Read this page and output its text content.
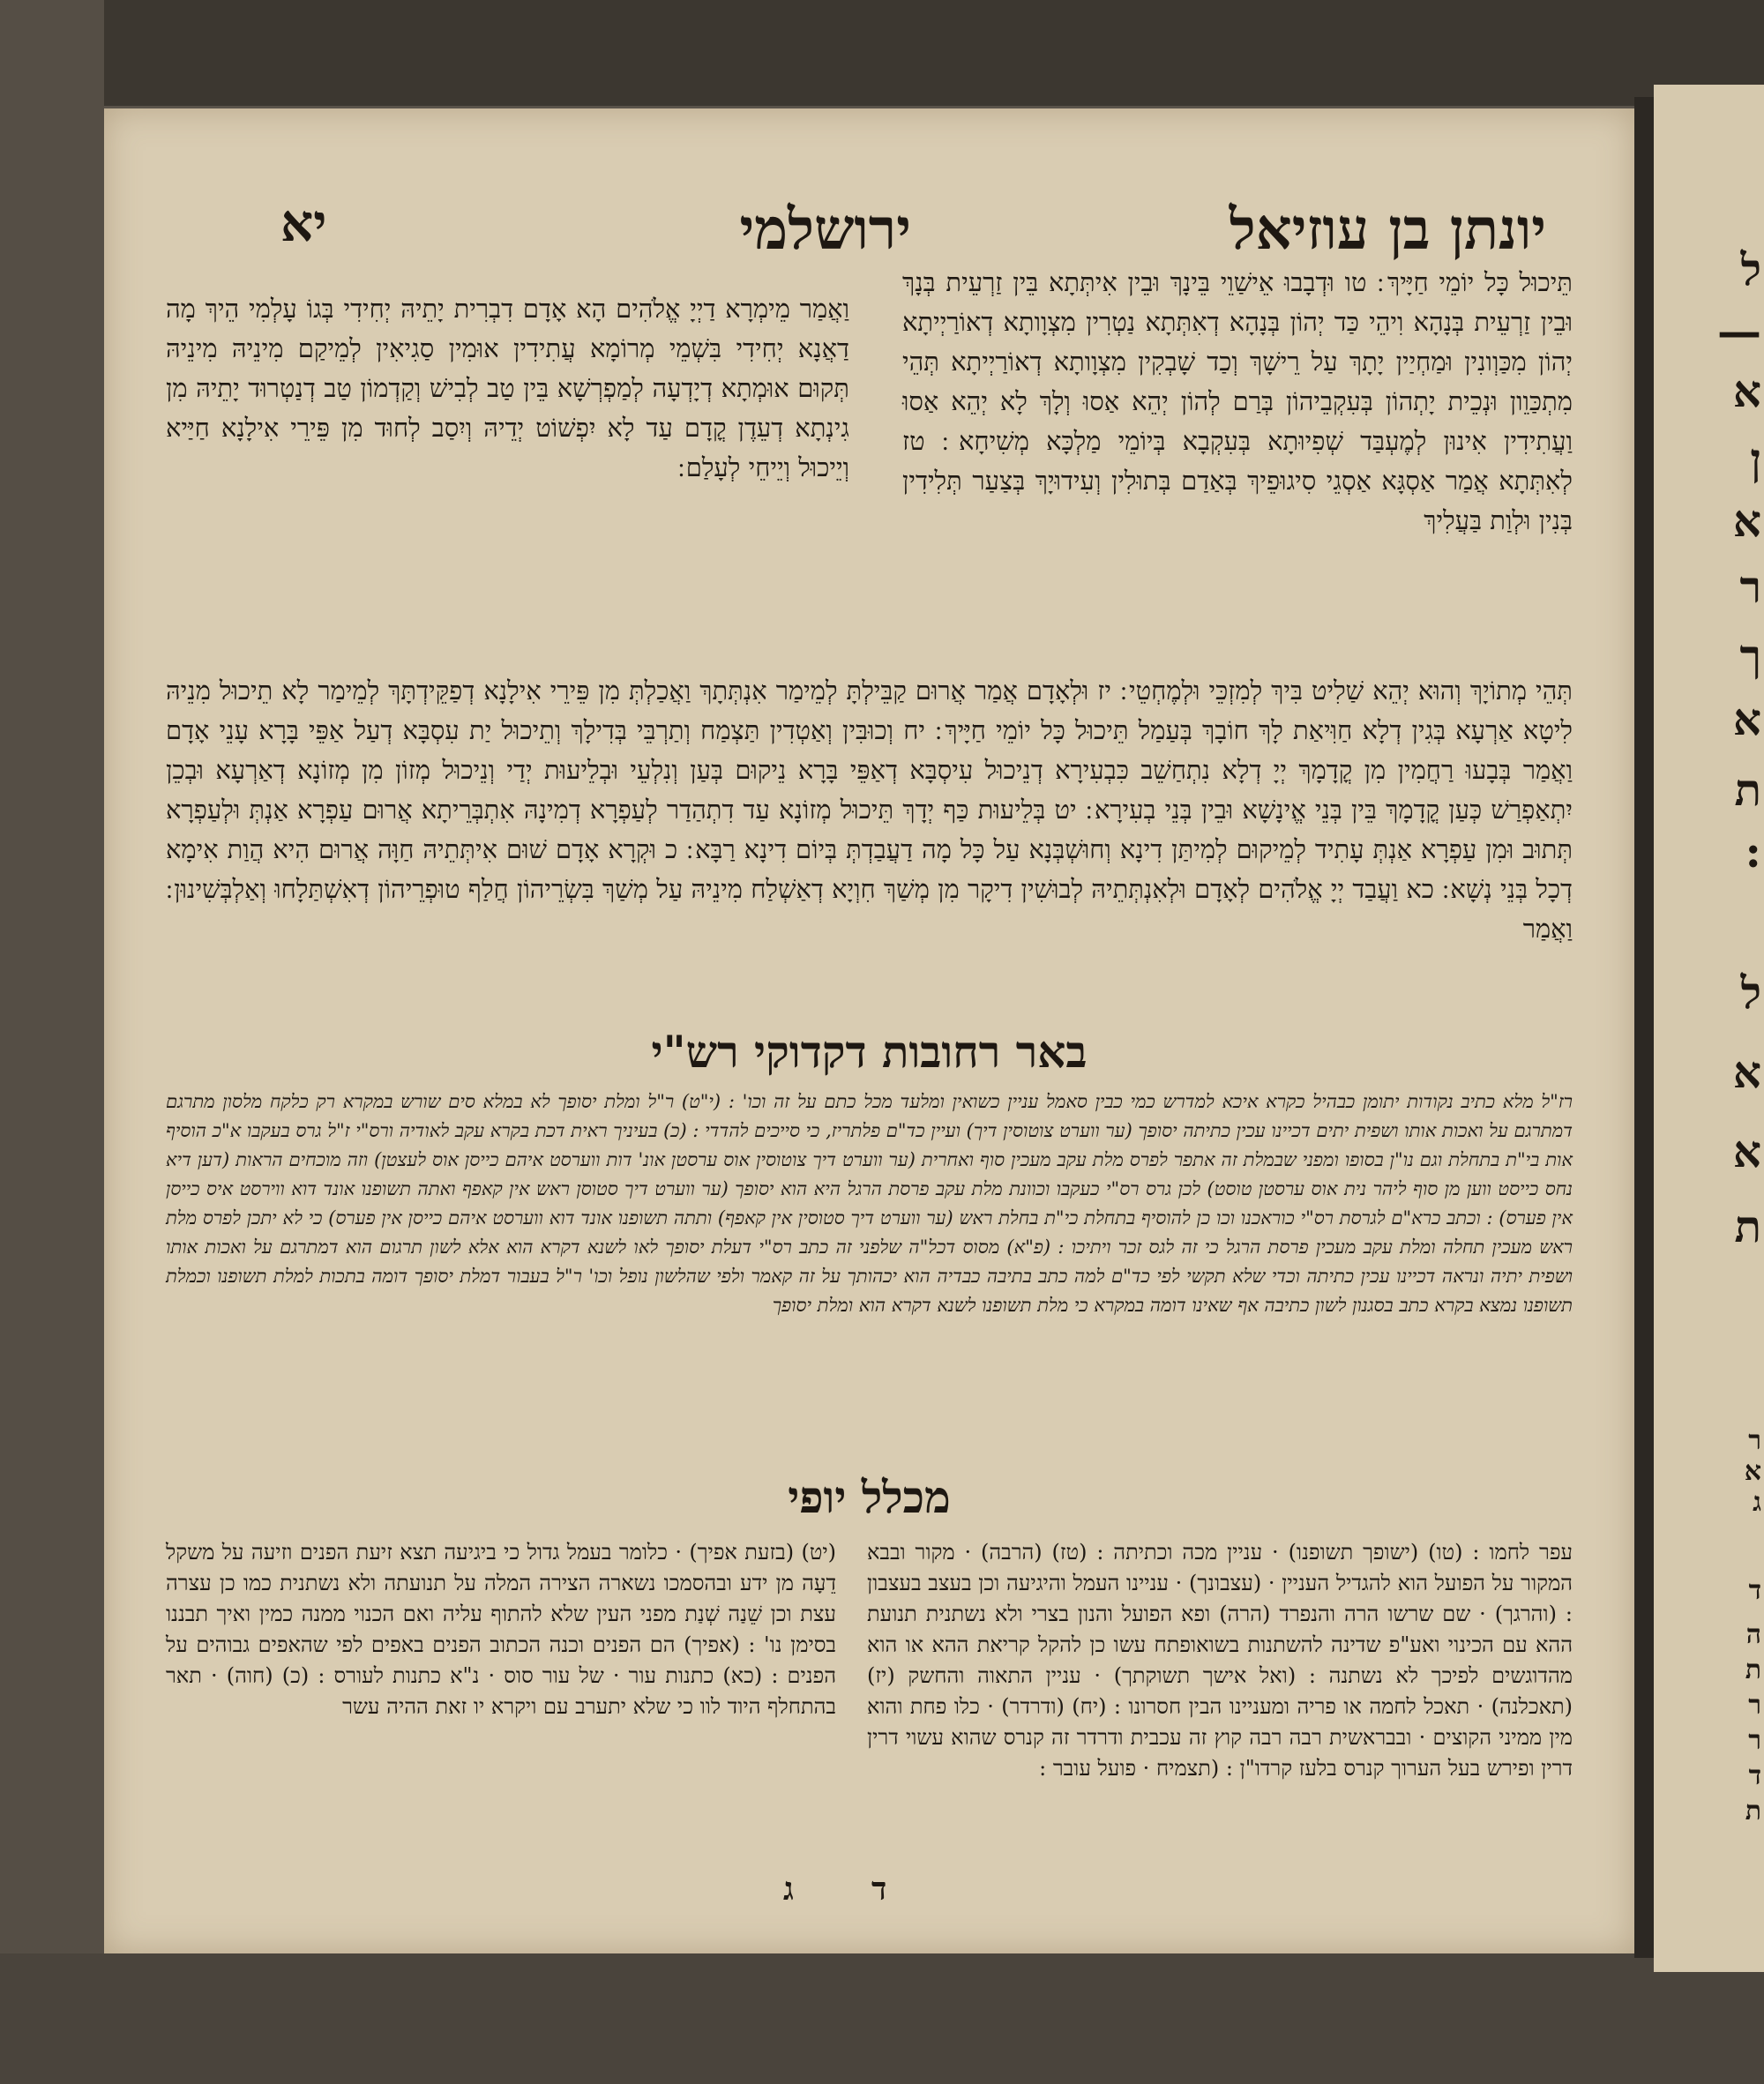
יונתן בן עוזיאל
ירושלמי
יא
תֵּיכוּל כָּל יוֹמֵי חַיָּיךְ ׃ טו וּדְבָבוּ אֵישַׁוֵי בֵּינָךְ וּבֵין אִיתְּתָא בֵּין זַרְעֵית בְּנָךְ וּבֵין זַרְעֵית בְּנָהָא וִיהֵי כַּד יְהוֹן בְּנָהָא דְאִתְּתָא נַטְרִין מִצְוָותָא דְאוֹרַיְיתָא יְהוֹן מִכַּוְונִין וּמַחְיַין יָתָךְ עַל רֵישָׁךְ וְכַד שָׁבְקִין מִצְוָותָא דְאוֹרַיְיתָא תְּהֵי מִתְכַּוֵון וּנְכֵית יָתְהוֹן בְּעִקְבֵיהוֹן בְּרַם לְהוֹן יְהֵא אַסוּ וְלָךְ לָא יְהֵא אַסוּ וַעֲתִידִין אִינוּן לְמֶעְבַּד שְׁפִיוּתָא בְּעִקְבָא בְּיוֹמֵי מַלְכָּא מְשִׁיחָא ׃ טז לְאִתְּתָא אֲמַר אַסְגָּא אַסְגֵי סִיגוּפֵיךְ בְּאַדַם בְּתוּלִין וְעִידוּיָךְ בְּצַעַר תְּלִידִין בְּנִין וּלְוַת בַּעֲלִיךְ
וַאֲמַר מֵימְרָא דַיְיָ אֱלֹהִים הָא אָדָם דִבְרִית יָתֵיהּ יְחִידִי בְּגוֹ עָלְמִי הֵיךְ מָה דַאֲנָא יְחִידִי בִּשְׁמֵי מְרוֹמָא עֲתִידִין אוּמִין סַגִיאִין לְמֵיקַם מִינֵיהּ מִינֵיהּ תְּקוּם אוּמְתָא דְיָדְעָה לְמַפְרְשָׁא בֵּין טַב לְבִישׁ וְקַדְמוֹן טַב דְנַטְרוּד יָתֵיהּ מִן גִינְתָא דְעֵדֶן קֳדָם עַד לָא יִפְשׁוֹט יְדֵיהּ וְיִסַב לְחוּד מִן פֵּירֵי אִילָנָא חַיַּיא וְיֵיכוּל וְיֵיחֵי לְעָלַם ׃
תְּהֵי מְתוֹיָךְ וְהוּא יְהֵא שַׁלִיט בִּיךְ לְמִזְכֵּי וּלְמֶחְטֵי ׃ יז וּלְאָדָם אֲמַר אֲרוּם קַבֵּילְתָּ לְמֵימַר אִנְתְּתָךְ וַאֲכַלְתְּ מִן פֵּירֵי אִילָנָא דְפַקֵּידְתָּךְ לְמֵימַר לָא תֵיכוּל מִנֵיהּ לִיטָא אַרְעָא בְּגִין דְלָא חַוִּיאַת לָךְ חוֹבָךְ בְּעַמַל תֵּיכוּל כָּל יוֹמֵי חַיָּיךְ ׃ יח וְכוּבִּין וְאַטְדִין תַּצְמַח וְתַרְבֵּי בְּדִילָךְ וְתֵיכוּל יַת עִסְבָּא דְעַל אַפֵּי בָּרָא עָנֵי אָדָם וַאֲמַר בְּבָעוּ רַחֲמִין מִן קֳדָמָךְ יְיָ דְלָא נִתְחַשֵׁב כִּבְעִירָא דְנֵיכוּל עִיסְבָּא דְאַפֵּי בָּרָא נֵיקוּם בְּעַן וְנִלְעֵי וּבְלֵיעוּת יְדַי וְנֵיכוּל מְזוֹן מִן מְזוֹנָא דְאַרְעָא וּבְכֵן יִתְאַפְרַשׁ כְּעַן קֳדָמָךְ בֵּין בְּנֵי אֱינָשָׁא וּבֵין בְּנֵי בְעִירָא ׃ יט בְּלֵיעוּת כַּף יְדָךְ תֵּיכוּל מְזוֹנָא עַד דִתְהַדַר לְעַפְרָא דְמִינָהּ אִתְבְּרֵיתָא אֲרוּם עַפְרָא אַנְתְּ וּלְעַפְרָא תְּתוּב וּמִן עַפְרָא אַנְתְּ עָתִיד לְמֵיקוּם לְמִיתַּן דִינָא וְחוּשְׁבְּנָא עַל כָּל מָה דַעֲבַדְתְּ בְּיוֹם דִינָא רַבָּא ׃ כ וּקְרָא אָדָם שׁוּם אִיתְּתֵיהּ חַוָּה אֲרוּם הִיא הֲוַת אִימָא דְכָל בְּנֵי נְשָׁא ׃ כא וַעֲבַד יְיָ אֱלֹהִים לְאָדָם וּלְאִנְתְּתֵיהּ לְבוּשִׁין דִיקָר מִן מְשַׁךְ חִוְיָא דְאַשְׁלַח מִינֵיהּ עַל מְשַׁךְ בִּשְׂרֵיהוֹן חֲלַף טוּפְרֵיהוֹן דְאִשְׁתַּלָחוּ וְאַלְבְּשִׁינוּן ׃ וַאֲמַר
באר רחובות דקדוקי רש"י
רז"ל מלא כתיב נקודות יתומן כבהיל כקרא איכא למדרש כמי כבין סאמל עניין כשואין ומלעד מכל כתם על זה וכו' : (י"ט) ר"ל ומלת יסופך לא במלא סים שורש במקרא רק כלקח מלסון מתרגם דמתרגם על ואכות אותו ושפית יתים דכיינו עכין כתיתה יסופך (ער ווערט צוטוסין דיך) ועיין כד"ם פלתריז, כי סייכים להדדי : (כ) בעיניך ראית דכת בקרא עקב לאודיה ורס"י ז"ל גרס בעקבו א"כ הוסיף אות בי"ת בתחלת וגם נו"ן בסופו ומפני שבמלת זה אתפר לפרס מלת עקב מעכין סוף ואחרית (ער ווערט דיך צוטוסין אוס ערסטן אונ' דות ווערסט איהם כייסן אוס לעצטן) וזה מוכחים הראות (דען דיא נחס כייסט ווען מן סוף ליהר נית אוס ערסטן טוסט) לכן גרס רס"י כעקבו וכוונת מלת עקב פרסת הרגל היא הוא יסופך (ער ווערט דיך סטוסן ראש אין קאפף ואתה תשופנו אונד דוא ווירסט איס כייסן אין פערס) : וכתב כרא"ם לגרסת רס"י כוראכנו וכו כן להוסיף בתחלת כי"ת בחלת ראש (ער ווערט דיך סטוסין אין קאפף) ותתה תשופנו אונד דוא ווערסט איהם כייסן אין פערס) כי לא יתכן לפרס מלת ראש מעכין תחלה ומלת עקב מעכין פרסת הרגל כי זה לגס זכר ויתיכו : (פ"א) מסוס דכל"ה שלפני זה כתב רס"י דעלת יסופך לאו לשנא דקרא הוא אלא לשון תרגום הוא דמתרגם על ואכות אותו ושפית יתיה ונראה דכיינו עכין כתיתה וכדי שלא תקשי לפי כד"ם למה כתב בתיבה כבדיה הוא יכהותך על זה קאמר ולפי שהלשון נופל וכו' ר"ל בעבור דמלת יסופך דומה בתכות למלת תשופנו וכמלת תשופנו נמצא בקרא כתב בסגנון לשון כתיבה אף שאינו דומה במקרא כי מלת תשופנו לשנא דקרא הוא ומלת יסופך
מכלל יופי
עפר לחמו : (טו) (ישופך תשופנו) · עניין מכה וכתיתה : (טז) (הרבה) · מקור ובבא המקור על הפועל הוא להגדיל העניין · (עצבונך) · עניינו העמל והיגיעה וכן בעצב בעצבון : (והרגך) · שם שרשו הרה והנפרד (הרה) ופא הפועל והנון בצרי ולא נשתנית תנועת ההא עם הכינוי ואע"פ שדינה להשתנות בשואופתח עשו כן להקל קריאת ההא או הוא מהדוגשים לפיכך לא נשתנה : (ואל אישך תשוקתך) · עניין התאוה והחשק (יז) (תאכלנה) · תאכל לחמה או פריה ומעניינו הבין חסרונו : (יח) (ודרדר) · כלו פחת והוא מין ממיני הקוצים · ובבראשית רבה רבה קוץ זה עכבית ודרדר זה קנרס שהוא עשוי דרין דרין ופירש בעל הערוך קנרס בלעז קרדו"ן : (תצמיח · פועל עובר :
(יט) (בזעת אפיך) · כלומר בעמל גדול כי ביגיעה תצא זיעת הפנים וזיעה על משקל דֵעָה מן ידע ובהסמכו נשארה הצירה המלה על תנועתה ולא נשתנית כמו כן עצרה עצת וכן שֵׁנַה שְׁנַת מפני העין שלא להתוף עליה ואם הכנוי ממנה כמין ואיך תבננו בסימן נו' : (אפיך) הם הפנים וכנה הכתוב הפנים באפים לפי שהאפים גבוהים על הפנים : (כא) כתנות עור · של עור סוס · נ"א כתנות לעורס : (כ) (חוה) · תאר בהתחלף היוד לוו כי שלא יתערב עם ויקרא יו זאת ההיה עשר
ד
ג
ל
—
א
ן
א
ר
ך
א
ת
:
ל
א
א
ת
ר
א
ג
ד
ה
ת
ר
ר
ד
ת
